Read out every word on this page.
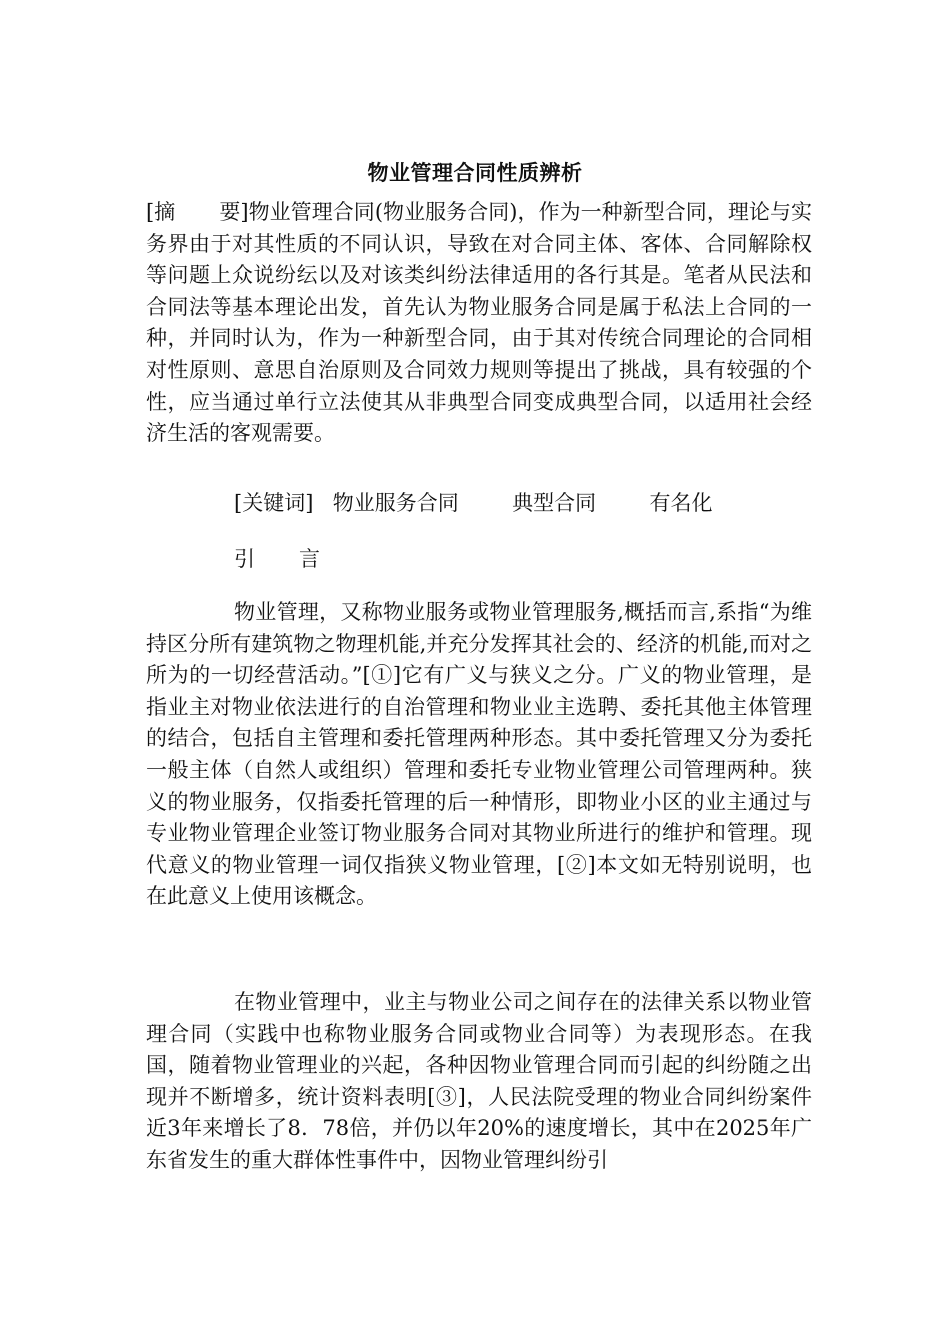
物业管理合同性质辨析

[摘 要]物业管理合同(物业服务合同)，作为一种新型合同，理论与实务界由于对其性质的不同认识，导致在对合同主体、客体、合同解除权等问题上众说纷纭以及对该类纠纷法律适用的各行其是。笔者从民法和合同法等基本理论出发，首先认为物业服务合同是属于私法上合同的一种，并同时认为，作为一种新型合同，由于其对传统合同理论的合同相对性原则、意思自治原则及合同效力规则等提出了挑战，具有较强的个性，应当通过单行立法使其从非典型合同变成典型合同，以适用社会经济生活的客观需要。

[关键词] 物业服务合同	典型合同	有名化
引 言

物业管理，又称物业服务或物业管理服务,概括而言,系指“为维持区分所有建筑物之物理机能,并充分发挥其社会的、经济的机能,而对之所为的一切经营活动。”[①]它有广义与狭义之分。广义的物业管理，是指业主对物业依法进行的自治管理和物业业主选聘、委托其他主体管理的结合，包括自主管理和委托管理两种形态。其中委托管理又分为委托一般主体（自然人或组织）管理和委托专业物业管理公司管理两种。狭义的物业服务，仅指委托管理的后一种情形，即物业小区的业主通过与专业物业管理企业签订物业服务合同对其物业所进行的维护和管理。现代意义的物业管理一词仅指狭义物业管理，[②]本文如无特别说明，也在此意义上使用该概念。

在物业管理中，业主与物业公司之间存在的法律关系以物业管理合同（实践中也称物业服务合同或物业合同等）为表现形态。在我国，随着物业管理业的兴起，各种因物业管理合同而引起的纠纷随之出现并不断增多，统计资料表明[③]，人民法院受理的物业合同纠纷案件近3年来增长了8．78倍，并仍以年20%的速度增长，其中在2025年广东省发生的重大群体性事件中，因物业管理纠纷引
